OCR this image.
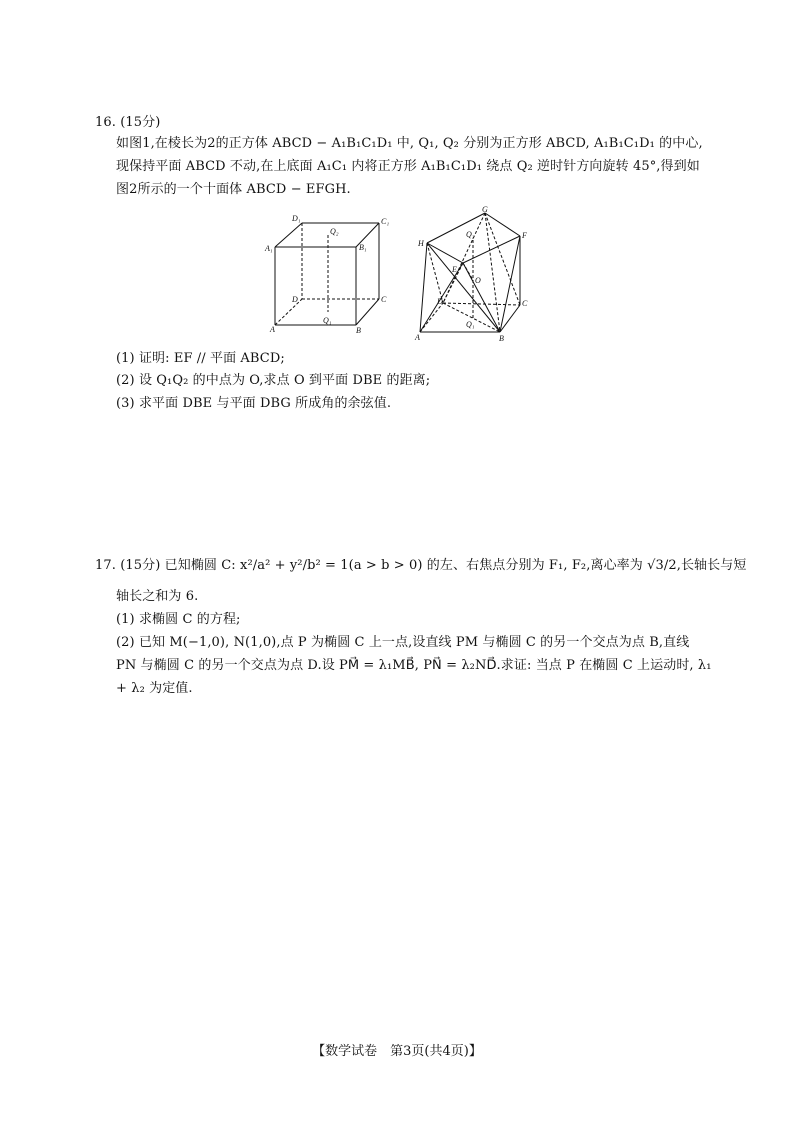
16. (15分)
如图1,在棱长为2的正方体 ABCD − A₁B₁C₁D₁ 中, Q₁, Q₂ 分别为正方形 ABCD, A₁B₁C₁D₁ 的中心,
现保持平面 ABCD 不动,在上底面 A₁C₁ 内将正方形 A₁B₁C₁D₁ 绕点 Q₂ 逆时针方向旋转 45°,得到如
图2所示的一个十面体 ABCD − EFGH.
D₁	C₁
A₁	B₁
Q₂
D	C
A	B
Q₁
G
H
F
E
Q₂
O
D	C
A	B
Q₁
(1) 证明: EF // 平面 ABCD;
(2) 设 Q₁Q₂ 的中点为 O,求点 O 到平面 DBE 的距离;
(3) 求平面 DBE 与平面 DBG 所成角的余弦值.
17. (15分) 已知椭圆 C: x²/a² + y²/b² = 1(a > b > 0) 的左、右焦点分别为 F₁, F₂,离心率为 √3/2,长轴长与短
轴长之和为 6.
(1) 求椭圆 C 的方程;
(2) 已知 M(−1,0), N(1,0),点 P 为椭圆 C 上一点,设直线 PM 与椭圆 C 的另一个交点为点 B,直线
PN 与椭圆 C 的另一个交点为点 D.设 PM⃗ = λ₁MB⃗, PN⃗ = λ₂ND⃗.求证: 当点 P 在椭圆 C 上运动时, λ₁
+ λ₂ 为定值.
【数学试卷　第3页(共4页)】
